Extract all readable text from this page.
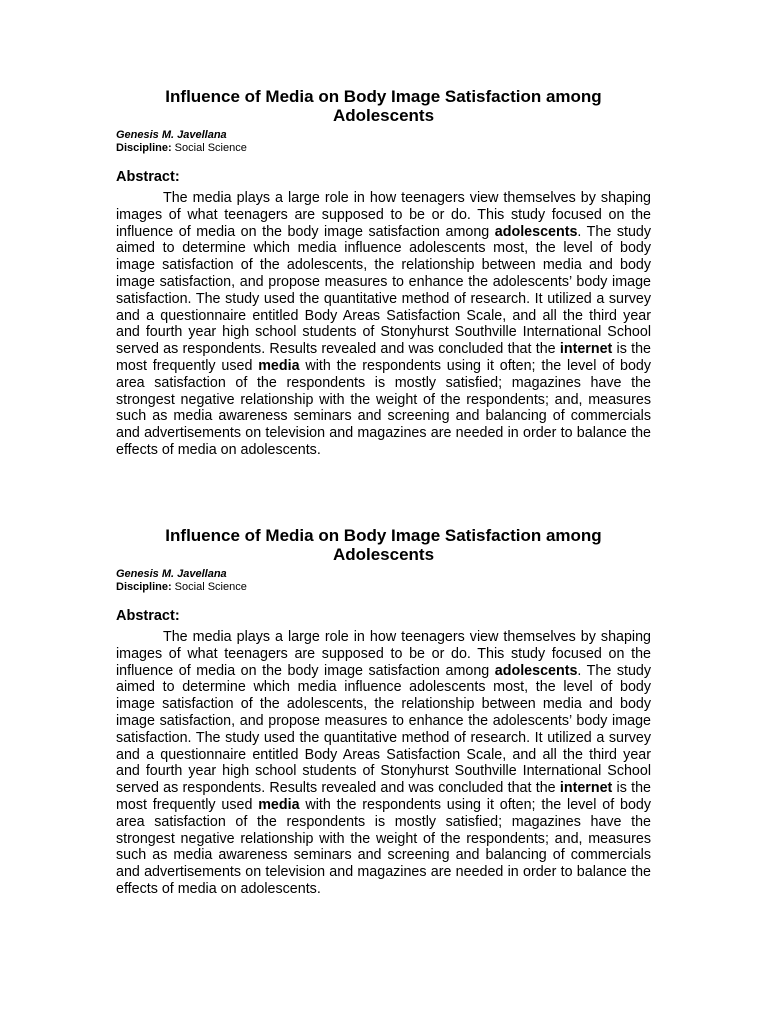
Influence of Media on Body Image Satisfaction among Adolescents

Genesis M. Javellana

Discipline: Social Science

Abstract:

The media plays a large role in how teenagers view themselves by shaping images of what teenagers are supposed to be or do. This study focused on the influence of media on the body image satisfaction among adolescents. The study aimed to determine which media influence adolescents most, the level of body image satisfaction of the adolescents, the relationship between media and body image satisfaction, and propose measures to enhance the adolescents’ body image satisfaction. The study used the quantitative method of research. It utilized a survey and a questionnaire entitled Body Areas Satisfaction Scale, and all the third year and fourth year high school students of Stonyhurst Southville International School served as respondents. Results revealed and was concluded that the internet is the most frequently used media with the respondents using it often; the level of body area satisfaction of the respondents is mostly satisfied; magazines have the strongest negative relationship with the weight of the respondents; and, measures such as media awareness seminars and screening and balancing of commercials and advertisements on television and magazines are needed in order to balance the effects of media on adolescents.

Influence of Media on Body Image Satisfaction among Adolescents

Genesis M. Javellana

Discipline: Social Science

Abstract:

The media plays a large role in how teenagers view themselves by shaping images of what teenagers are supposed to be or do. This study focused on the influence of media on the body image satisfaction among adolescents. The study aimed to determine which media influence adolescents most, the level of body image satisfaction of the adolescents, the relationship between media and body image satisfaction, and propose measures to enhance the adolescents’ body image satisfaction. The study used the quantitative method of research. It utilized a survey and a questionnaire entitled Body Areas Satisfaction Scale, and all the third year and fourth year high school students of Stonyhurst Southville International School served as respondents. Results revealed and was concluded that the internet is the most frequently used media with the respondents using it often; the level of body area satisfaction of the respondents is mostly satisfied; magazines have the strongest negative relationship with the weight of the respondents; and, measures such as media awareness seminars and screening and balancing of commercials and advertisements on television and magazines are needed in order to balance the effects of media on adolescents.
